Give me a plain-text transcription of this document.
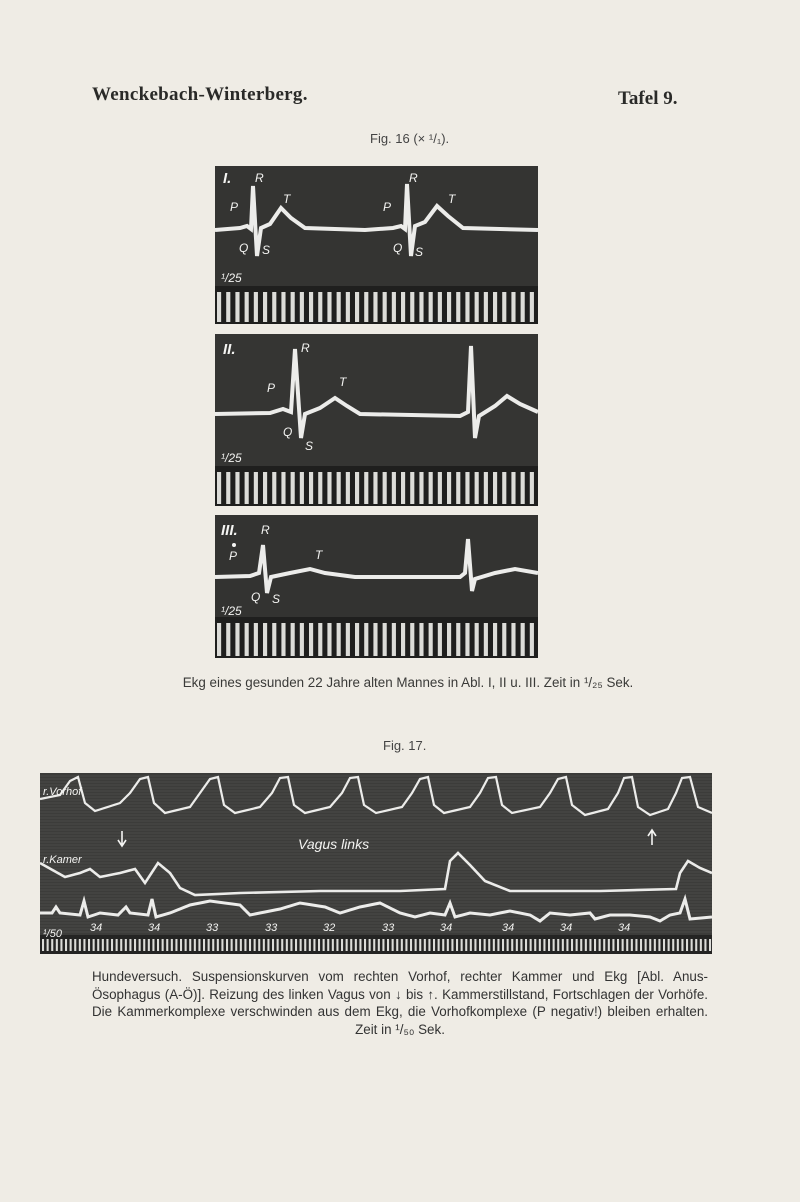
Wenckebach-Winterberg.	Tafel 9.
Fig. 16 (× ¹/₁).
I. R
P
T
Q S
R
P
T
Q S
¹/25
II.	R
P	T
Q
S
¹/25
III. R
P	T
Q S
¹/25
Ekg eines gesunden 22 Jahre alten Mannes in Abl. I, II u. III. Zeit in ¹/₂₅ Sek.
Fig. 17.
r.Vorhof
r.Kamer
Vagus links
¹/50	34	34	33	33	32	33	34	34	34	34
Hundeversuch. Suspensionskurven vom rechten Vorhof, rechter Kammer und Ekg [Abl. Anus-Ösophagus (A-Ö)]. Reizung des linken Vagus von ↓ bis ↑. Kammerstillstand, Fortschlagen der Vorhöfe. Die Kammerkomplexe verschwinden aus dem Ekg, die Vorhofkomplexe (P negativ!) bleiben erhalten. Zeit in ¹/₅₀ Sek.
